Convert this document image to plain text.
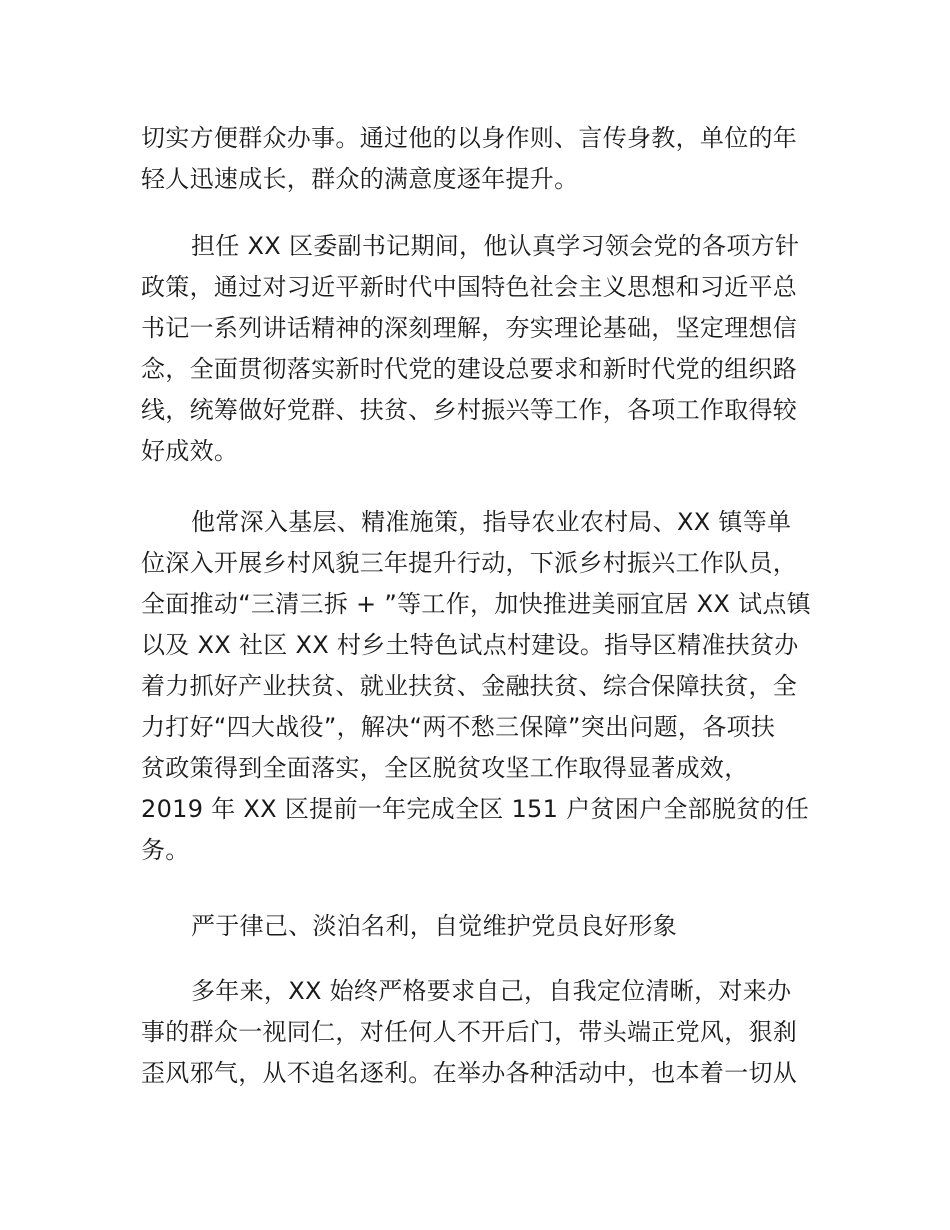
切实方便群众办事。通过他的以身作则、言传身教，单位的年
轻人迅速成长，群众的满意度逐年提升。
担任 XX 区委副书记期间，他认真学习领会党的各项方针
政策，通过对习近平新时代中国特色社会主义思想和习近平总
书记一系列讲话精神的深刻理解，夯实理论基础，坚定理想信
念，全面贯彻落实新时代党的建设总要求和新时代党的组织路
线，统筹做好党群、扶贫、乡村振兴等工作，各项工作取得较
好成效。
他常深入基层、精准施策，指导农业农村局、XX 镇等单
位深入开展乡村风貌三年提升行动，下派乡村振兴工作队员，
全面推动“三清三拆 + ”等工作，加快推进美丽宜居 XX 试点镇
以及 XX 社区 XX 村乡土特色试点村建设。指导区精准扶贫办
着力抓好产业扶贫、就业扶贫、金融扶贫、综合保障扶贫，全
力打好“四大战役”，解决“两不愁三保障”突出问题，各项扶
贫政策得到全面落实，全区脱贫攻坚工作取得显著成效，
2019 年 XX 区提前一年完成全区 151 户贫困户全部脱贫的任
务。
严于律己、淡泊名利，自觉维护党员良好形象
多年来，XX 始终严格要求自己，自我定位清晰，对来办
事的群众一视同仁，对任何人不开后门，带头端正党风，狠刹
歪风邪气，从不追名逐利。在举办各种活动中，也本着一切从
